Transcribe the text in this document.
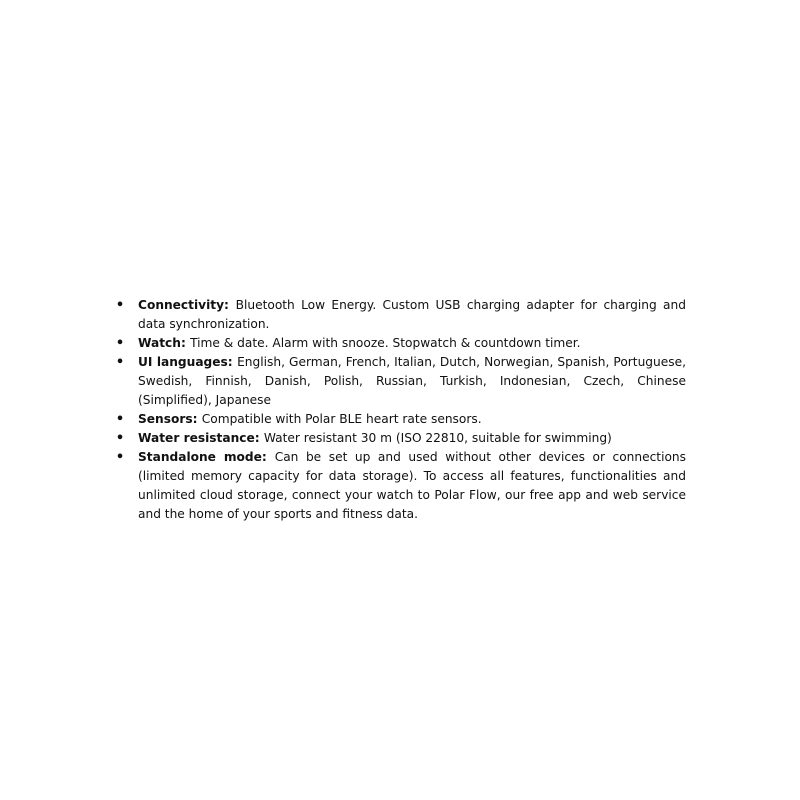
• Connectivity: Bluetooth Low Energy. Custom USB charging adapter for charging and data synchronization.
• Watch: Time & date. Alarm with snooze. Stopwatch & countdown timer.
• UI languages: English, German, French, Italian, Dutch, Norwegian, Spanish, Portuguese, Swedish, Finnish, Danish, Polish, Russian, Turkish, Indonesian, Czech, Chinese (Simplified), Japanese
• Sensors: Compatible with Polar BLE heart rate sensors.
• Water resistance: Water resistant 30 m (ISO 22810, suitable for swimming)
• Standalone mode: Can be set up and used without other devices or connections (limited memory capacity for data storage). To access all features, functionalities and unlimited cloud storage, connect your watch to Polar Flow, our free app and web service and the home of your sports and fitness data.
